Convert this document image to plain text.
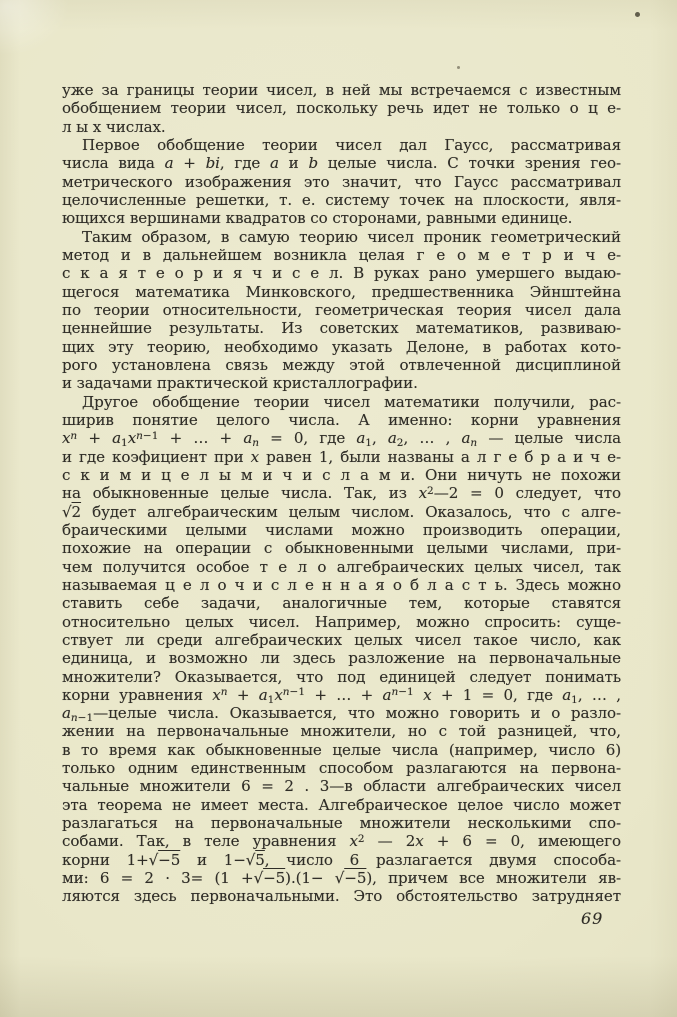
уже за границы теории чисел, в ней мы встречаемся с известным
обобщением теории чисел, поскольку речь идет не только о ц е-
л ы х числах.
Первое обобщение теории чисел дал Гаусс, рассматривая
числа вида a + bi, где a и b целые числа. С точки зрения гео-
метрического изображения это значит, что Гаусс рассматривал
целочисленные решетки, т. е. систему точек на плоскости, явля-
ющихся вершинами квадратов со сторонами, равными единице.
Таким образом, в самую теорию чисел проник геометрический
метод и в дальнейшем возникла целая г е о м е т р и ч е-
с к а я т е о р и я ч и с е л. В руках рано умершего выдаю-
щегося математика Минковского, предшественника Эйнштейна
по теории относительности, геометрическая теория чисел дала
ценнейшие результаты. Из советских математиков, развиваю-
щих эту теорию, необходимо указать Делоне, в работах кото-
рого установлена связь между этой отвлеченной дисциплиной
и задачами практической кристаллографии.
Другое обобщение теории чисел математики получили, рас-
ширив понятие целого числа. А именно: корни уравнения
$x^n + a_1x^{n-1}$ + … + $a_n = 0$, где $a_1$, $a_2$, … , $a_n$ — целые числа
и где коэфициент при x равен 1, были названы а л г е б р а и ч е-
с к и м и ц е л ы м и ч и с л а м и. Они ничуть не похожи
на обыкновенные целые числа. Так, из $x^2—2 = 0$ следует, что
√2 будет алгебраическим целым числом. Оказалось, что с алге-
браическими целыми числами можно производить операции,
похожие на операции с обыкновенными целыми числами, при-
чем получится особое т е л о алгебраических целых чисел, так
называемая ц е л о ч и с л е н н а я о б л а с т ь. Здесь можно
ставить себе задачи, аналогичные тем, которые ставятся
относительно целых чисел. Например, можно спросить: суще-
ствует ли среди алгебраических целых чисел такое число, как
единица, и возможно ли здесь разложение на первоначальные
множители? Оказывается, что под единицей следует понимать
корни уравнения $x^n + a_1x^{n-1}$ + … + $a^{n-1}$ x + 1 = 0, где $a_1$, … ,
$a_{n-1}—целые$ числа. Оказывается, что можно говорить и о разло-
жении на первоначальные множители, но с той разницей, что,
в то время как обыкновенные целые числа (например, число 6)
только одним единственным способом разлагаются на первона-
чальные множители 6 = 2 . 3—в области алгебраических чисел
эта теорема не имеет места. Алгебраическое целое число может
разлагаться на первоначальные множители несколькими спо-
собами. Так, в теле уравнения $x^2$ — 2x + 6 = 0, имеющего
корни 1+√−5 и 1−√5, число 6 разлагается двумя способа-
ми: 6 = 2 · 3= (1 +√−5).(1− √−5), причем все множители яв-
ляются здесь первоначальными. Это обстоятельство затрудняет
69
